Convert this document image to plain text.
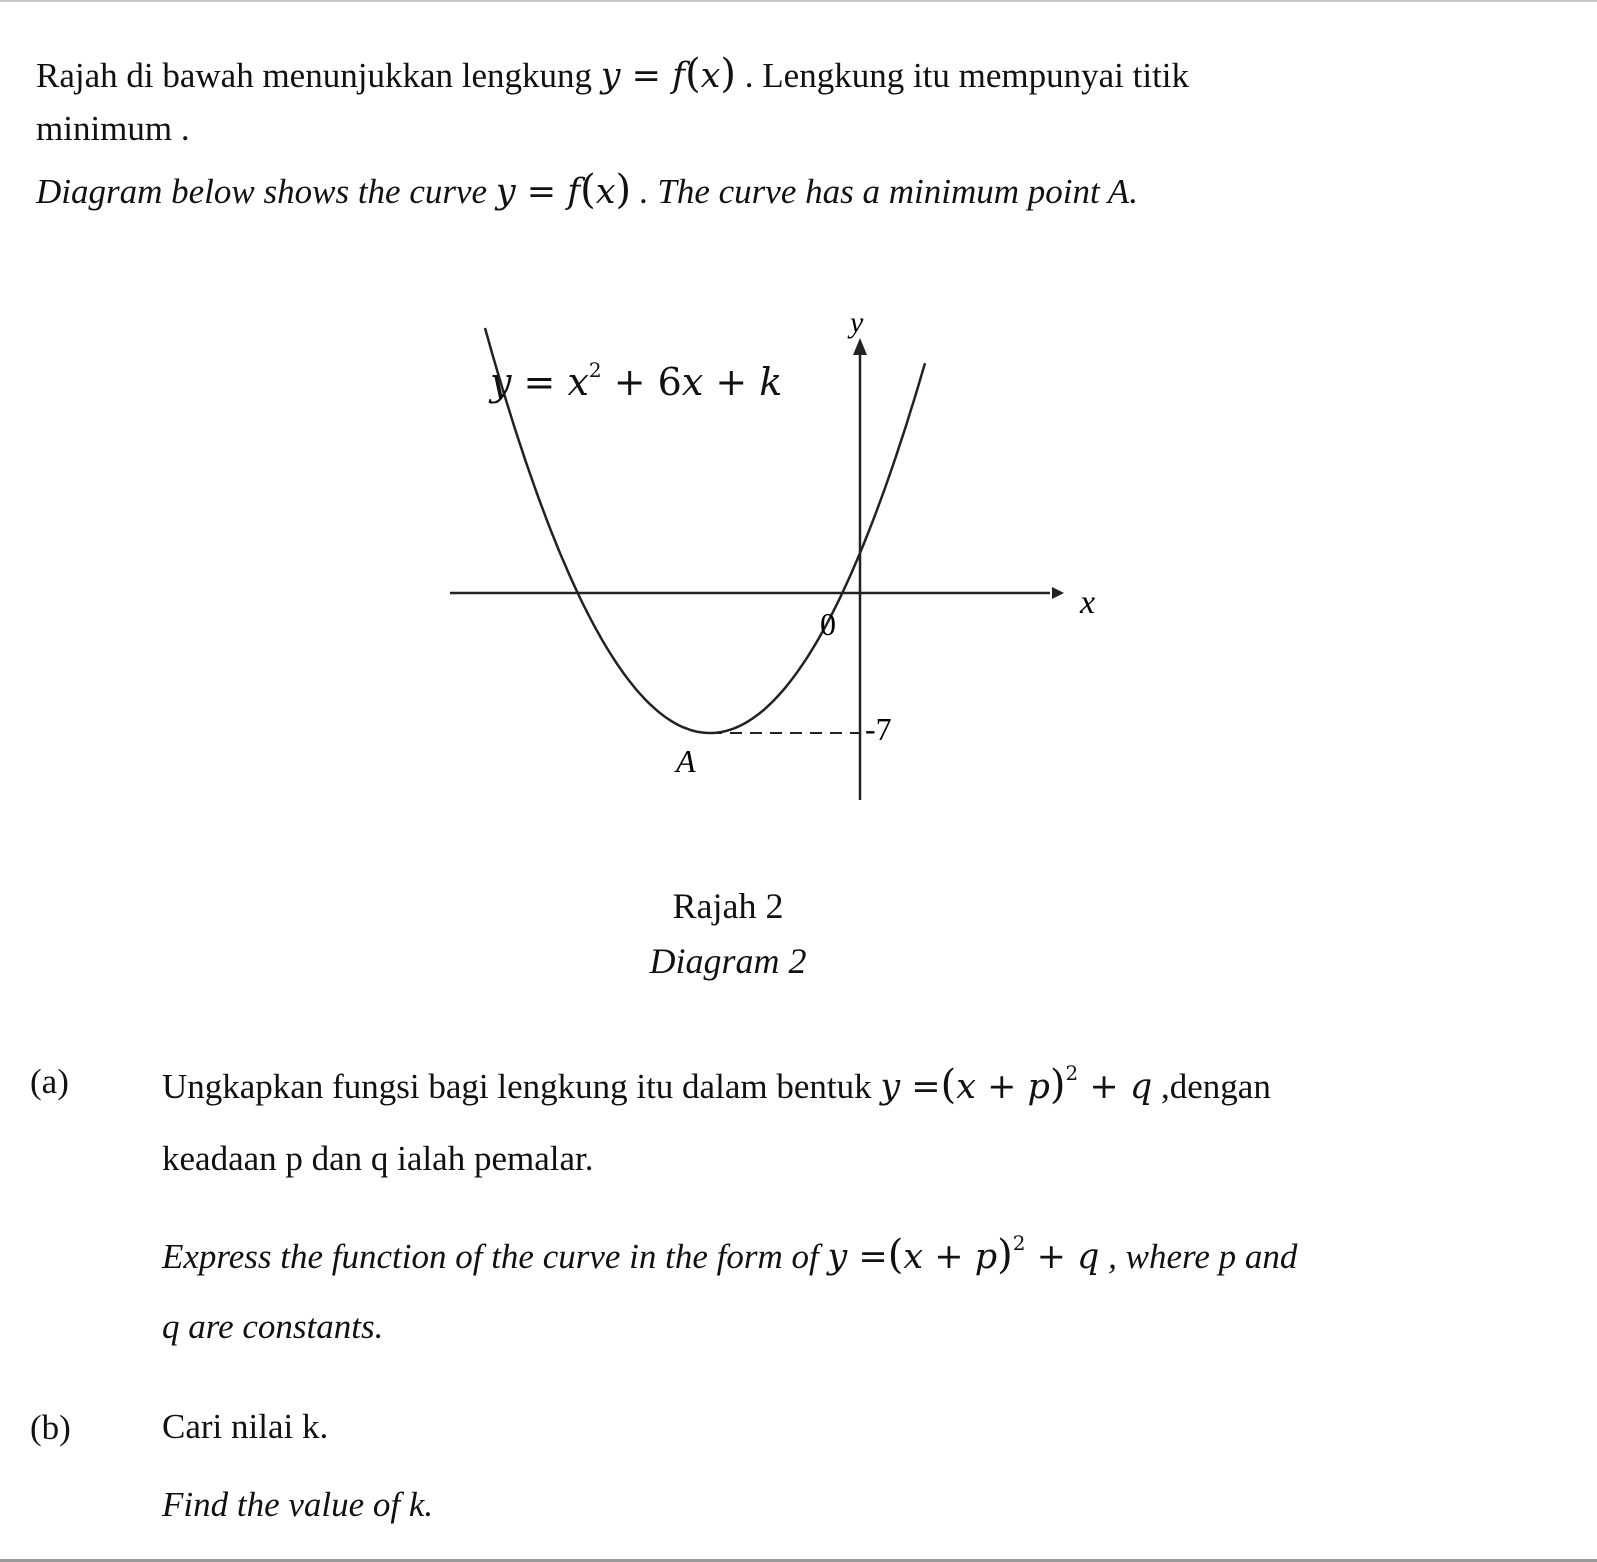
Rajah di bawah menunjukkan lengkung y = f(x) . Lengkung itu mempunyai titik
minimum .
Diagram below shows the curve y = f(x) . The curve has a minimum point A.
x
y
0
-7
A
$y = x^2 + 6x + k$
Rajah 2
Diagram 2
(a)	Ungkapkan fungsi bagi lengkung itu dalam bentuk $y =(x + p)^2 + q$ ,dengan
keadaan p dan q ialah pemalar.
Express the function of the curve in the form of $y =(x + p)^2 + q$ , where p and
q are constants.
(b)	Cari nilai k.
Find the value of k.
